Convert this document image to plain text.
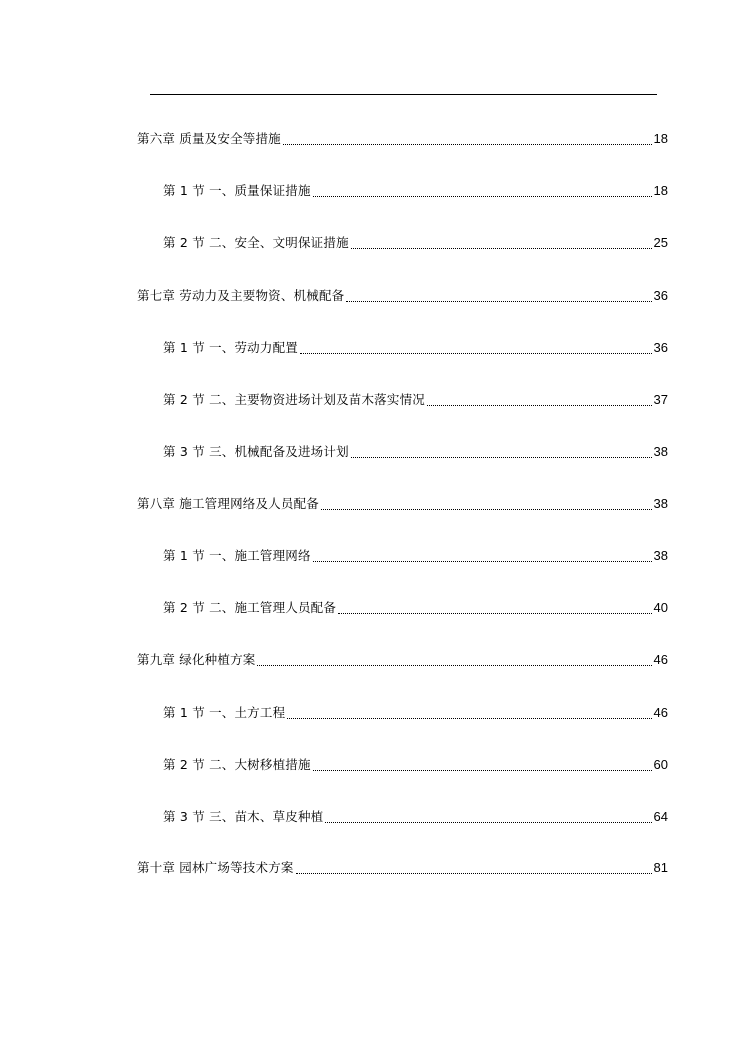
第六章 质量及安全等措施	18
第 1 节 一、质量保证措施	18
第 2 节 二、安全、文明保证措施	25
第七章 劳动力及主要物资、机械配备	36
第 1 节 一、劳动力配置	36
第 2 节 二、主要物资进场计划及苗木落实情况	37
第 3 节 三、机械配备及进场计划	38
第八章 施工管理网络及人员配备	38
第 1 节 一、施工管理网络	38
第 2 节 二、施工管理人员配备	40
第九章 绿化种植方案	46
第 1 节 一、土方工程	46
第 2 节 二、大树移植措施	60
第 3 节 三、苗木、草皮种植	64
第十章 园林广场等技术方案	81
